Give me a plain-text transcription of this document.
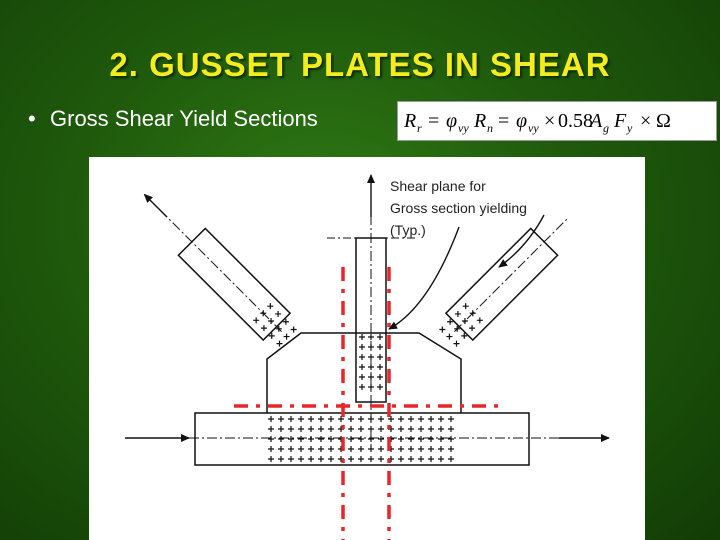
2. GUSSET PLATES IN SHEAR
• Gross Shear Yield Sections	R r = φ vy R n = φ vy × 0.58
A g F y × Ω
Shear plane for
Gross section yielding
(Typ.)
